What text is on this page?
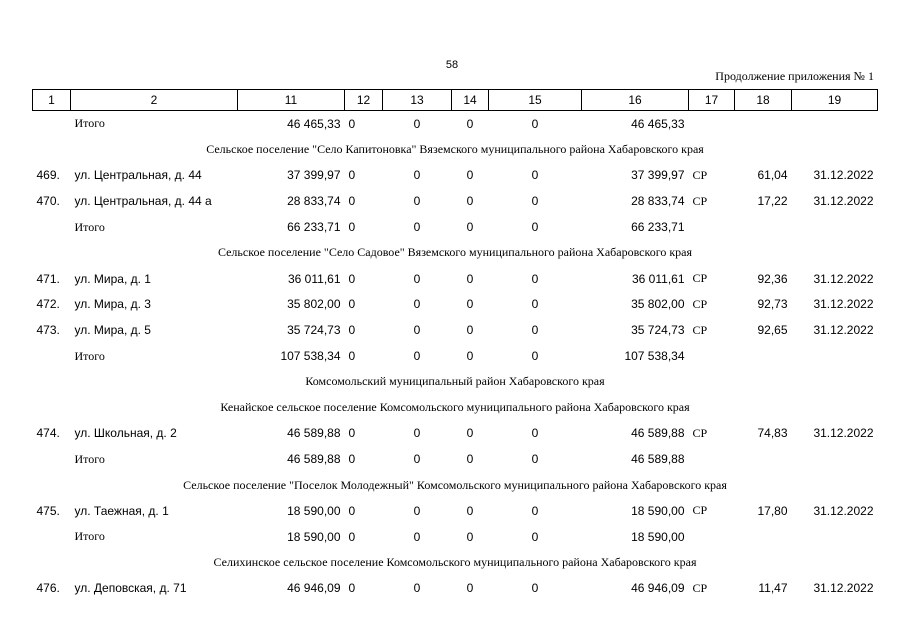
58
Продолжение приложения № 1
1	2	11	12	13	14	15	16	17	18	19
	Итого	46 465,33	0	0	0	0	46 465,33			
Сельское поселение "Село Капитоновка" Вяземского муниципального района Хабаровского края										
469.	ул. Центральная, д. 44	37 399,97	0	0	0	0	37 399,97	СР	61,04	31.12.2022
470.	ул. Центральная, д. 44 а	28 833,74	0	0	0	0	28 833,74	СР	17,22	31.12.2022
	Итого	66 233,71	0	0	0	0	66 233,71			
Сельское поселение "Село Садовое" Вяземского муниципального района Хабаровского края										
471.	ул. Мира, д. 1	36 011,61	0	0	0	0	36 011,61	СР	92,36	31.12.2022
472.	ул. Мира, д. 3	35 802,00	0	0	0	0	35 802,00	СР	92,73	31.12.2022
473.	ул. Мира, д. 5	35 724,73	0	0	0	0	35 724,73	СР	92,65	31.12.2022
	Итого	107 538,34	0	0	0	0	107 538,34			
Комсомольский муниципальный район Хабаровского края										
Кенайское сельское поселение Комсомольского муниципального района Хабаровского края										
474.	ул. Школьная, д. 2	46 589,88	0	0	0	0	46 589,88	СР	74,83	31.12.2022
	Итого	46 589,88	0	0	0	0	46 589,88			
Сельское поселение "Поселок Молодежный" Комсомольского муниципального района Хабаровского края										
475.	ул. Таежная, д. 1	18 590,00	0	0	0	0	18 590,00	СР	17,80	31.12.2022
	Итого	18 590,00	0	0	0	0	18 590,00			
Селихинское сельское поселение Комсомольского муниципального района Хабаровского края										
476.	ул. Деповская, д. 71	46 946,09	0	0	0	0	46 946,09	СР	11,47	31.12.2022
